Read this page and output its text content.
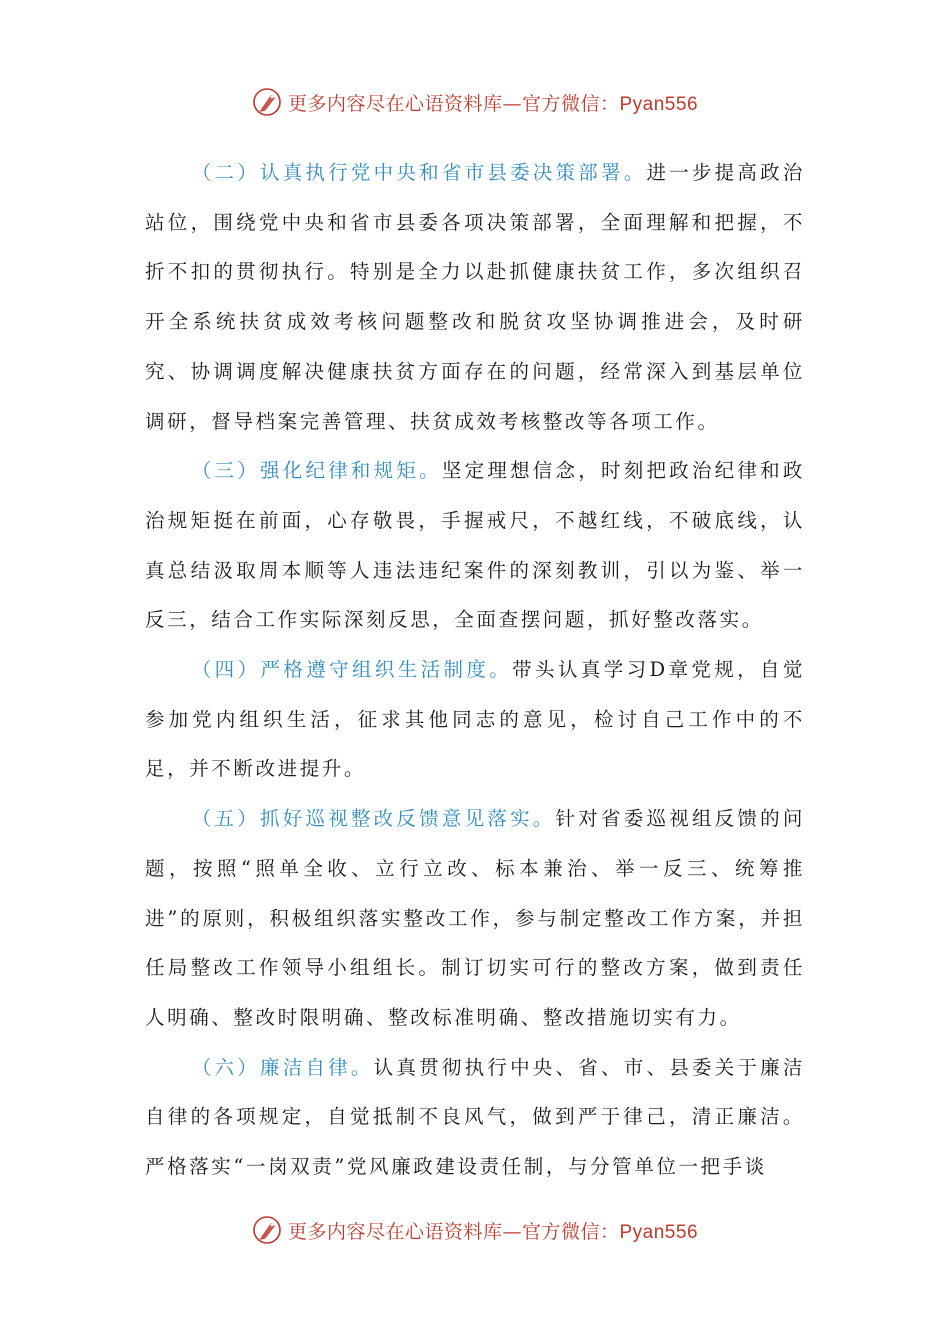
更多内容尽在心语资料库—官方微信：Pyan556

（二）认真执行党中央和省市县委决策部署。进一步提高政治站位，围绕党中央和省市县委各项决策部署，全面理解和把握，不折不扣的贯彻执行。特别是全力以赴抓健康扶贫工作，多次组织召开全系统扶贫成效考核问题整改和脱贫攻坚协调推进会，及时研究、协调调度解决健康扶贫方面存在的问题，经常深入到基层单位调研，督导档案完善管理、扶贫成效考核整改等各项工作。

（三）强化纪律和规矩。坚定理想信念，时刻把政治纪律和政治规矩挺在前面，心存敬畏，手握戒尺，不越红线，不破底线，认真总结汲取周本顺等人违法违纪案件的深刻教训，引以为鉴、举一反三，结合工作实际深刻反思，全面查摆问题，抓好整改落实。

（四）严格遵守组织生活制度。带头认真学习D章党规，自觉参加党内组织生活，征求其他同志的意见，检讨自己工作中的不足，并不断改进提升。

（五）抓好巡视整改反馈意见落实。针对省委巡视组反馈的问题，按照“照单全收、立行立改、标本兼治、举一反三、统筹推进”的原则，积极组织落实整改工作，参与制定整改工作方案，并担任局整改工作领导小组组长。制订切实可行的整改方案，做到责任人明确、整改时限明确、整改标准明确、整改措施切实有力。

（六）廉洁自律。认真贯彻执行中央、省、市、县委关于廉洁自律的各项规定，自觉抵制不良风气，做到严于律己，清正廉洁。严格落实“一岗双责”党风廉政建设责任制，与分管单位一把手谈

更多内容尽在心语资料库—官方微信：Pyan556
